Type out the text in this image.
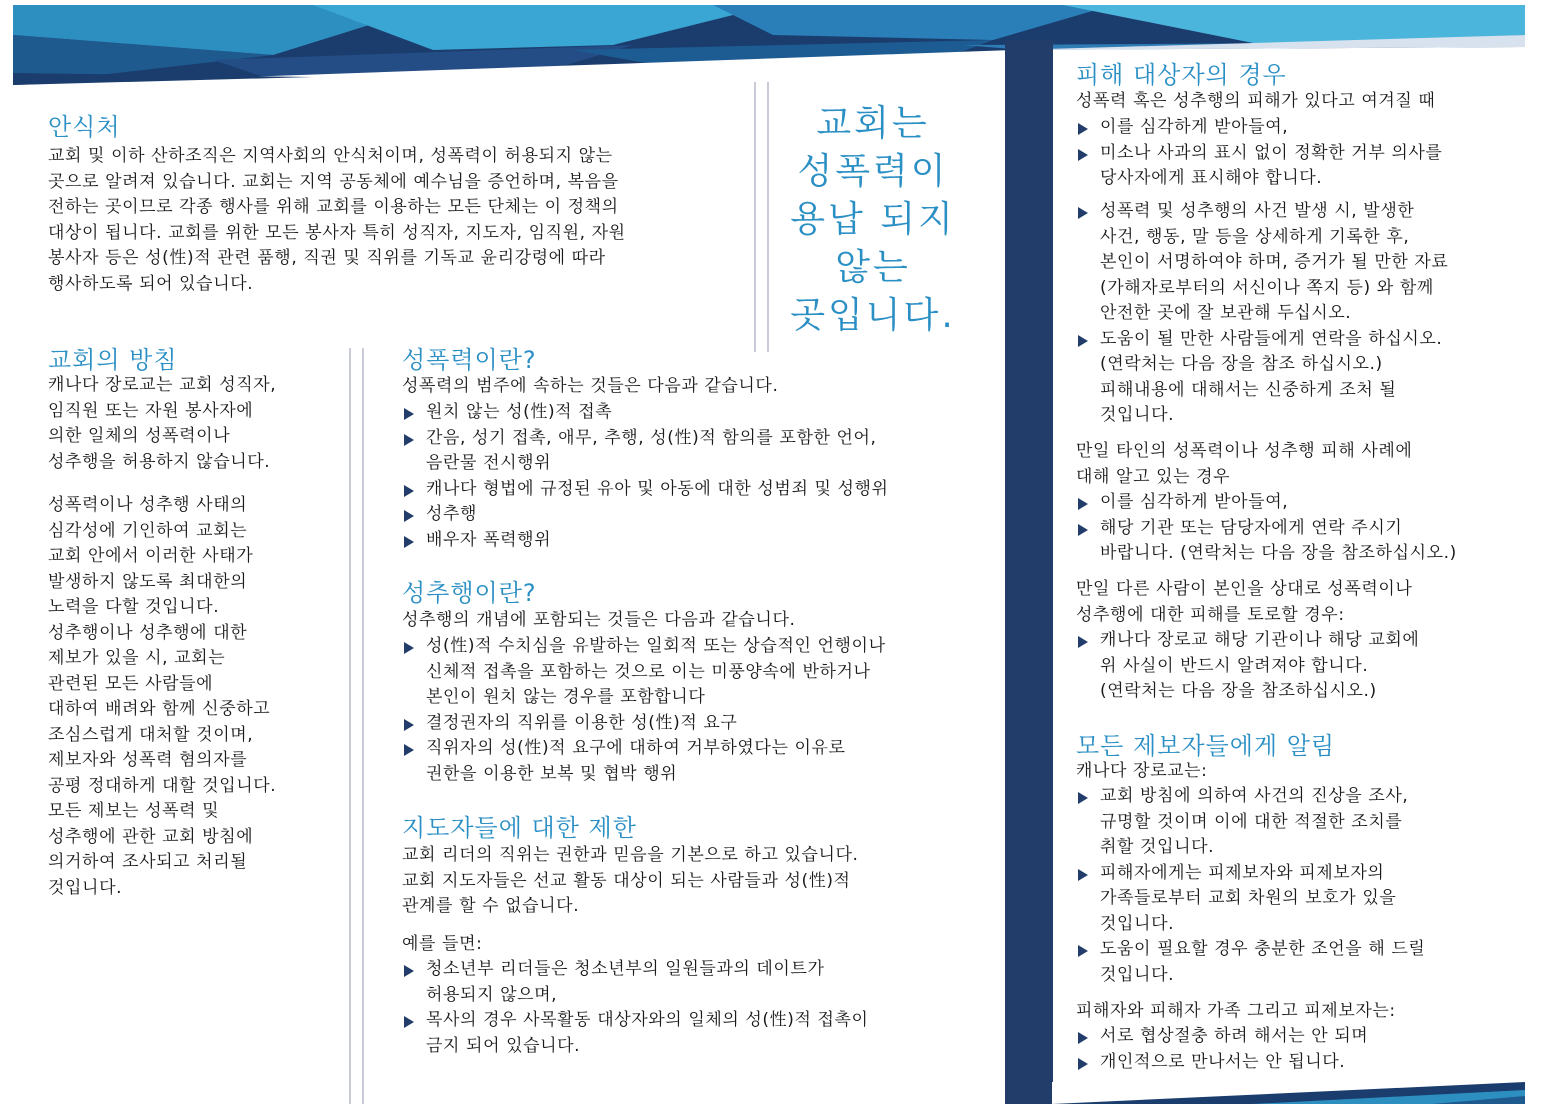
안식처
교회 및 이하 산하조직은 지역사회의 안식처이며, 성폭력이 허용되지 않는
곳으로 알려져 있습니다. 교회는 지역 공동체에 예수님을 증언하며, 복음을
전하는 곳이므로 각종 행사를 위해 교회를 이용하는 모든 단체는 이 정책의
대상이 됩니다. 교회를 위한 모든 봉사자 특히 성직자, 지도자, 임직원, 자원
봉사자 등은 성(性)적 관련 품행, 직권 및 직위를 기독교 윤리강령에 따라
행사하도록 되어 있습니다.
교회는
성폭력이
용납 되지
않는
곳입니다.
교회의 방침
캐나다 장로교는 교회 성직자,
임직원 또는 자원 봉사자에
의한 일체의 성폭력이나
성추행을 허용하지 않습니다.
성폭력이나 성추행 사태의
심각성에 기인하여 교회는
교회 안에서 이러한 사태가
발생하지 않도록 최대한의
노력을 다할 것입니다.
성추행이나 성추행에 대한
제보가 있을 시, 교회는
관련된 모든 사람들에
대하여 배려와 함께 신중하고
조심스럽게 대처할 것이며,
제보자와 성폭력 혐의자를
공평 정대하게 대할 것입니다.
모든 제보는 성폭력 및
성추행에 관한 교회 방침에
의거하여 조사되고 처리될
것입니다.
성폭력이란?
성폭력의 범주에 속하는 것들은 다음과 같습니다.
원치 않는 성(性)적 접촉
간음, 성기 접촉, 애무, 추행, 성(性)적 함의를 포함한 언어,
음란물 전시행위
캐나다 형법에 규정된 유아 및 아동에 대한 성범죄 및 성행위
성추행
배우자 폭력행위
성추행이란?
성추행의 개념에 포함되는 것들은 다음과 같습니다.
성(性)적 수치심을 유발하는 일회적 또는 상습적인 언행이나
신체적 접촉을 포함하는 것으로 이는 미풍양속에 반하거나
본인이 원치 않는 경우를 포함합니다
결정권자의 직위를 이용한 성(性)적 요구
직위자의 성(性)적 요구에 대하여 거부하였다는 이유로
권한을 이용한 보복 및 협박 행위
지도자들에 대한 제한
교회 리더의 직위는 권한과 믿음을 기본으로 하고 있습니다.
교회 지도자들은 선교 활동 대상이 되는 사람들과 성(性)적
관계를 할 수 없습니다.
예를 들면:
청소년부 리더들은 청소년부의 일원들과의 데이트가
허용되지 않으며,
목사의 경우 사목활동 대상자와의 일체의 성(性)적 접촉이
금지 되어 있습니다.
피해 대상자의 경우
성폭력 혹은 성추행의 피해가 있다고 여겨질 때
이를 심각하게 받아들여,
미소나 사과의 표시 없이 정확한 거부 의사를
당사자에게 표시해야 합니다.
성폭력 및 성추행의 사건 발생 시, 발생한
사건, 행동, 말 등을 상세하게 기록한 후,
본인이 서명하여야 하며, 증거가 될 만한 자료
(가해자로부터의 서신이나 쪽지 등) 와 함께
안전한 곳에 잘 보관해 두십시오.
도움이 될 만한 사람들에게 연락을 하십시오.
(연락처는 다음 장을 참조 하십시오.)
피해내용에 대해서는 신중하게 조처 될
것입니다.
만일 타인의 성폭력이나 성추행 피해 사례에
대해 알고 있는 경우
이를 심각하게 받아들여,
해당 기관 또는 담당자에게 연락 주시기
바랍니다. (연락처는 다음 장을 참조하십시오.)
만일 다른 사람이 본인을 상대로 성폭력이나
성추행에 대한 피해를 토로할 경우:
캐나다 장로교 해당 기관이나 해당 교회에
위 사실이 반드시 알려져야 합니다.
(연락처는 다음 장을 참조하십시오.)
모든 제보자들에게 알림
캐나다 장로교는:
교회 방침에 의하여 사건의 진상을 조사,
규명할 것이며 이에 대한 적절한 조치를
취할 것입니다.
피해자에게는 피제보자와 피제보자의
가족들로부터 교회 차원의 보호가 있을
것입니다.
도움이 필요할 경우 충분한 조언을 해 드릴
것입니다.
피해자와 피해자 가족 그리고 피제보자는:
서로 협상절충 하려 해서는 안 되며
개인적으로 만나서는 안 됩니다.
